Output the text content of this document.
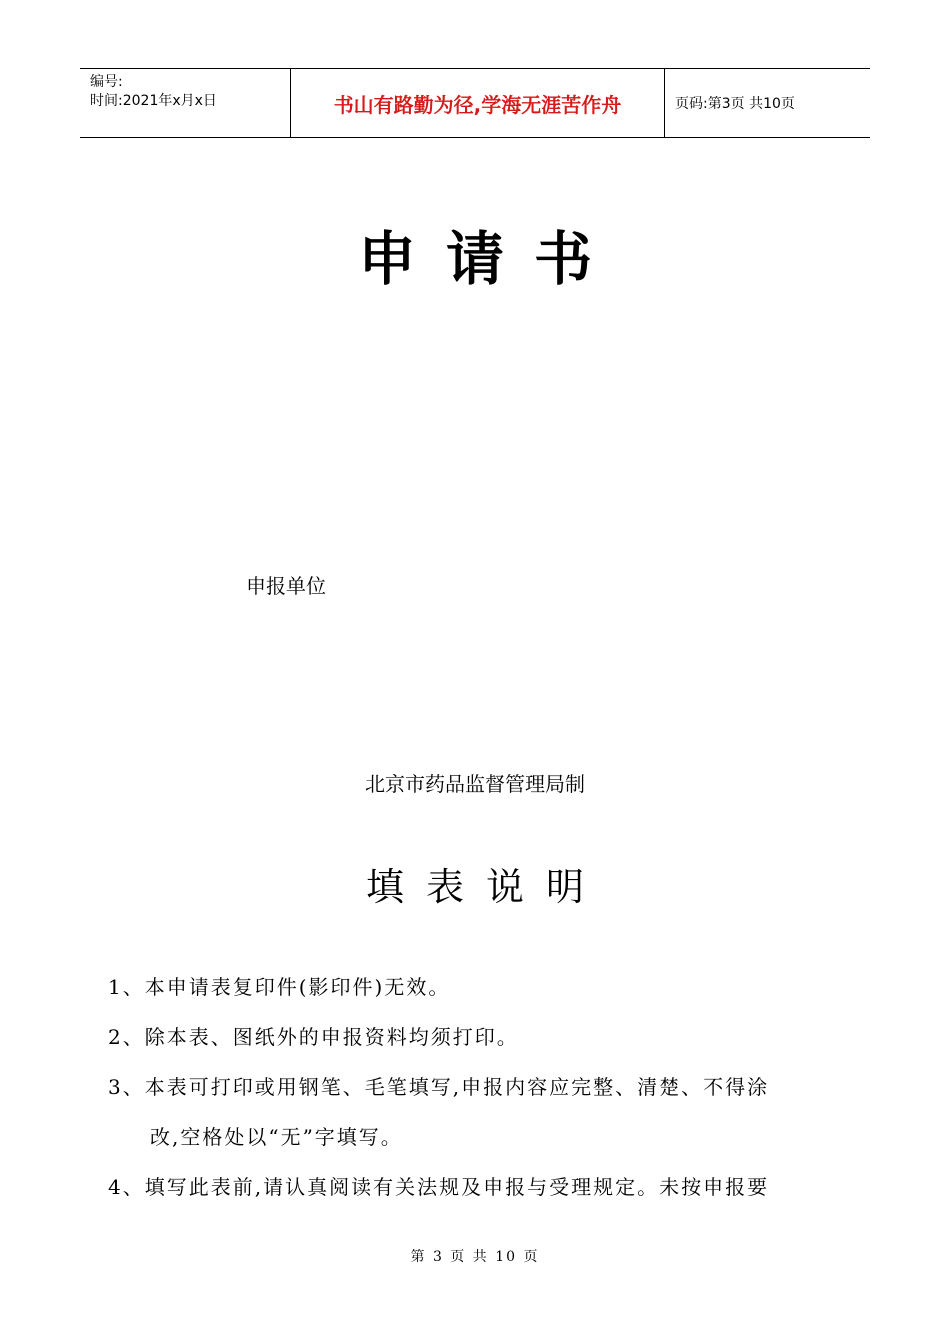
编号:
时间:2021年x月x日	书山有路勤为径,学海无涯苦作舟	页码:第3页 共10页
申请书
申报单位
北京市药品监督管理局制
填表说明
1、本申请表复印件(影印件)无效。
2、除本表、图纸外的申报资料均须打印。
3、本表可打印或用钢笔、毛笔填写,申报内容应完整、清楚、不得涂
改,空格处以“无”字填写。
4、填写此表前,请认真阅读有关法规及申报与受理规定。未按申报要
第 3 页 共 10 页
